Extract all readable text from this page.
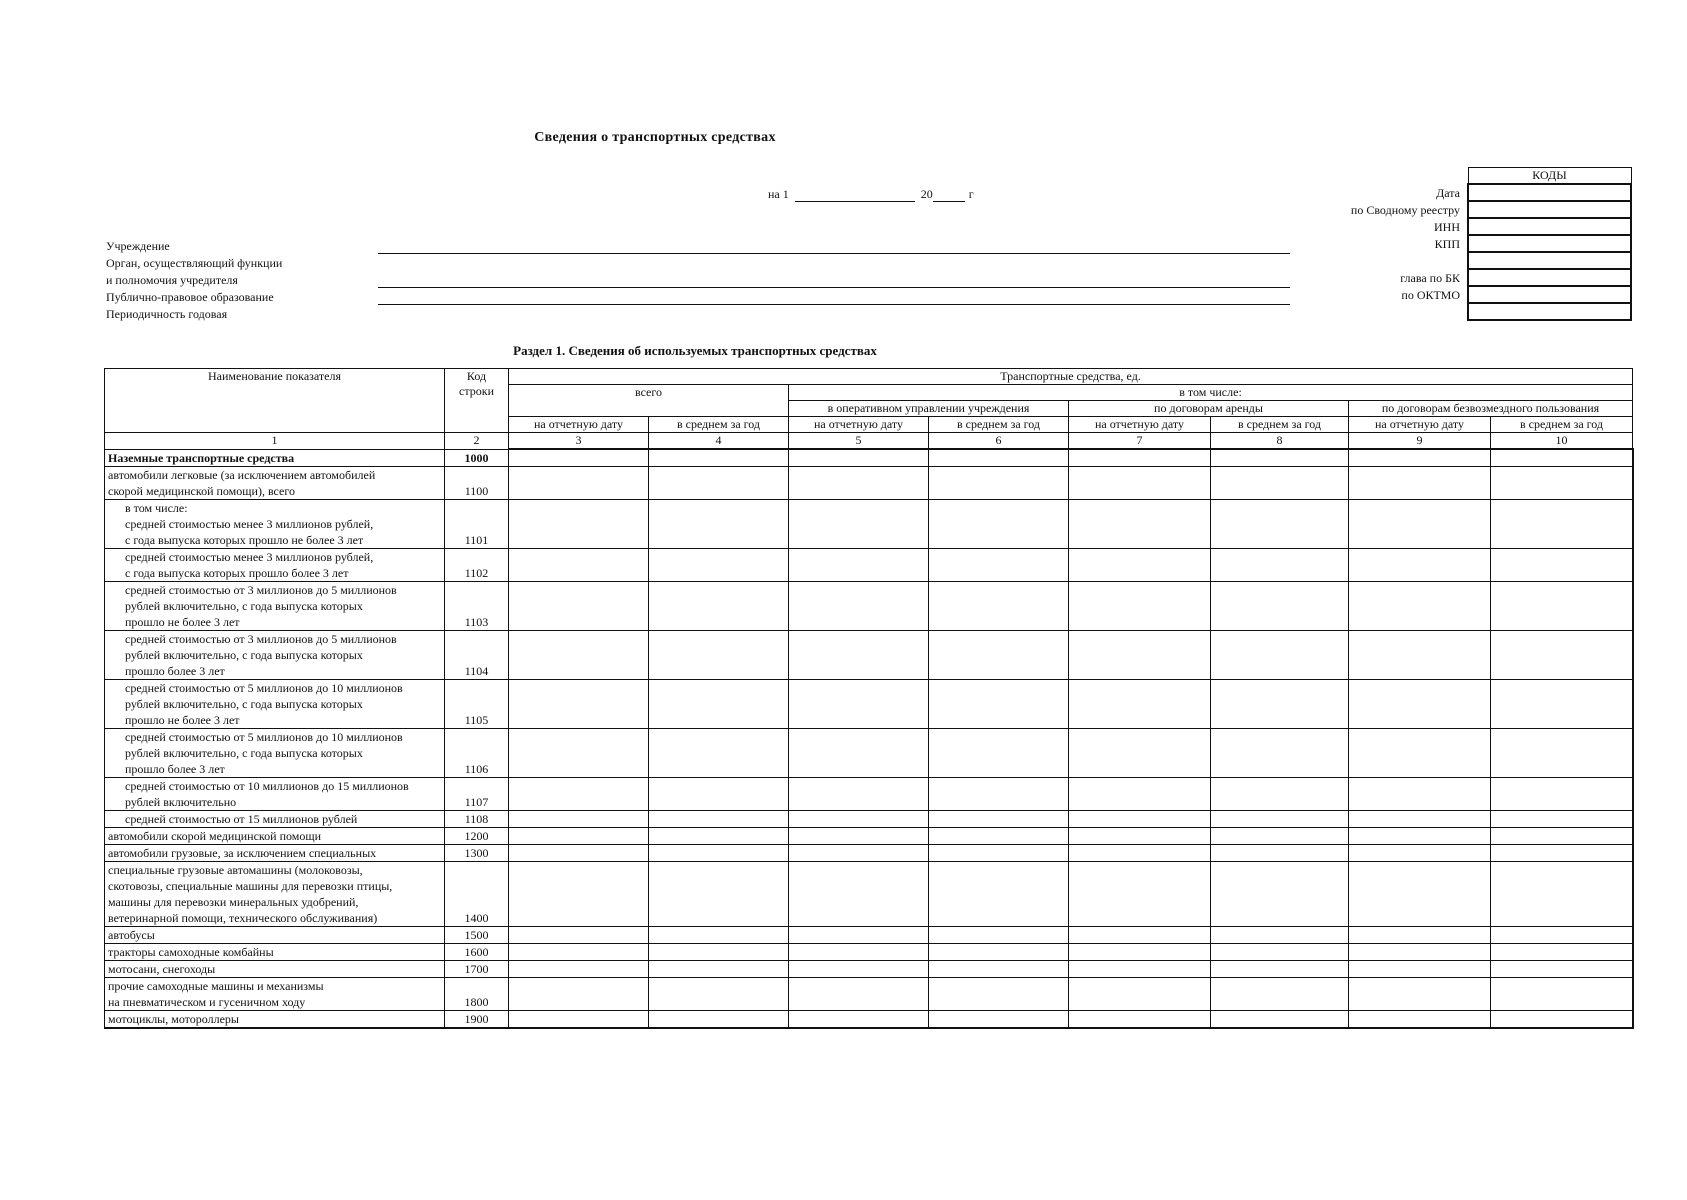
Сведения о транспортных средствах
на 1	20	г
Учреждение
Орган, осуществляющий функции
и полномочия учредителя
Публично-правовое образование
Периодичность годовая
Дата
по Сводному реестру
ИНН
КПП
глава по БК
по ОКТМО
КОДЫ

Раздел 1. Сведения об используемых транспортных средствах
Наименование показателя	Код строки	Транспортные средства, ед.							
		всего		в том числе:					
				в оперативном управлении учреждения		по договорам аренды		по договорам безвозмездного пользования	
		на отчетную дату	в среднем за год	на отчетную дату	в среднем за год	на отчетную дату	в среднем за год	на отчетную дату	в среднем за год
1	2	3	4	5	6	7	8	9	10

Наземные транспортные средства	1000								

автомобили легковые (за исключением автомобилей
скорой медицинской помощи), всего	1100								

в том числе:
средней стоимостью менее 3 миллионов рублей,
с года выпуска которых прошло не более 3 лет	1101								

средней стоимостью менее 3 миллионов рублей,
с года выпуска которых прошло более 3 лет	1102								

средней стоимостью от 3 миллионов до 5 миллионов
рублей включительно, с года выпуска которых
прошло не более 3 лет	1103								

средней стоимостью от 3 миллионов до 5 миллионов
рублей включительно, с года выпуска которых
прошло более 3 лет	1104								

средней стоимостью от 5 миллионов до 10 миллионов
рублей включительно, с года выпуска которых
прошло не более 3 лет	1105								

средней стоимостью от 5 миллионов до 10 миллионов
рублей включительно, с года выпуска которых
прошло более 3 лет	1106								

средней стоимостью от 10 миллионов до 15 миллионов
рублей включительно	1107								

средней стоимостью от 15 миллионов рублей	1108								

автомобили скорой медицинской помощи	1200								

автомобили грузовые, за исключением специальных	1300								

специальные грузовые автомашины (молоковозы,
скотовозы, специальные машины для перевозки птицы,
машины для перевозки минеральных удобрений,
ветеринарной помощи, технического обслуживания)	1400								

автобусы	1500								

тракторы самоходные комбайны	1600								

мотосани, снегоходы	1700								

прочие самоходные машины и механизмы
на пневматическом и гусеничном ходу	1800								

мотоциклы, мотороллеры	1900								
